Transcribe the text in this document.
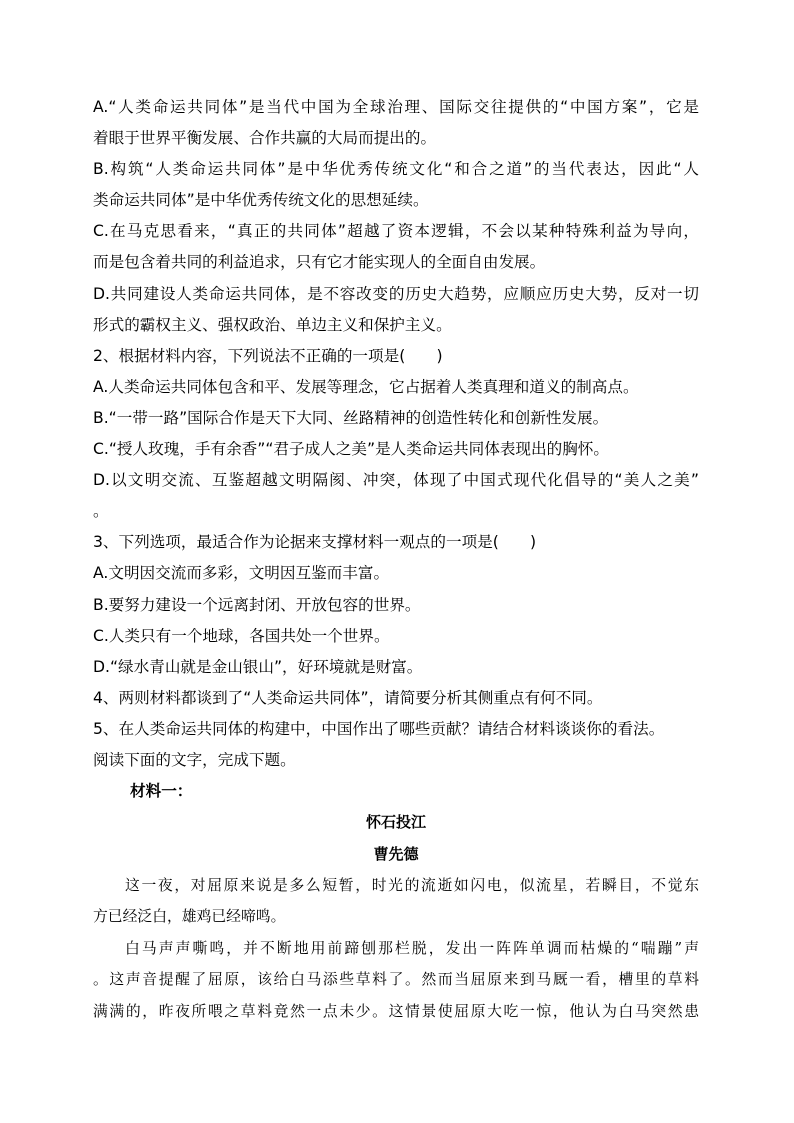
A.“人类命运共同体”是当代中国为全球治理、国际交往提供的“中国方案”，它是
着眼于世界平衡发展、合作共赢的大局而提出的。
B.构筑“人类命运共同体”是中华优秀传统文化“和合之道”的当代表达，因此“人
类命运共同体”是中华优秀传统文化的思想延续。
C.在马克思看来，“真正的共同体”超越了资本逻辑，不会以某种特殊利益为导向，
而是包含着共同的利益追求，只有它才能实现人的全面自由发展。
D.共同建设人类命运共同体，是不容改变的历史大趋势，应顺应历史大势，反对一切
形式的霸权主义、强权政治、单边主义和保护主义。
2、根据材料内容，下列说法不正确的一项是(　　)
A.人类命运共同体包含和平、发展等理念，它占据着人类真理和道义的制高点。
B.“一带一路”国际合作是天下大同、丝路精神的创造性转化和创新性发展。
C.“授人玫瑰，手有余香”“君子成人之美”是人类命运共同体表现出的胸怀。
D.以文明交流、互鉴超越文明隔阂、冲突，体现了中国式现代化倡导的“美人之美”
。
3、下列选项，最适合作为论据来支撑材料一观点的一项是(　　)
A.文明因交流而多彩，文明因互鉴而丰富。
B.要努力建设一个远离封闭、开放包容的世界。
C.人类只有一个地球，各国共处一个世界。
D.“绿水青山就是金山银山”，好环境就是财富。
4、两则材料都谈到了“人类命运共同体”，请简要分析其侧重点有何不同。
5、在人类命运共同体的构建中，中国作出了哪些贡献？请结合材料谈谈你的看法。
阅读下面的文字，完成下题。
材料一：
怀石投江
曹先德
这一夜，对屈原来说是多么短暂，时光的流逝如闪电，似流星，若瞬目，不觉东
方已经泛白，雄鸡已经啼鸣。
白马声声嘶鸣，并不断地用前蹄刨那栏脱，发出一阵阵单调而枯燥的“喘蹦”声
。这声音提醒了屈原，该给白马添些草料了。然而当屈原来到马厩一看，槽里的草料
满满的，昨夜所喂之草料竟然一点未少。这情景使屈原大吃一惊，他认为白马突然患
